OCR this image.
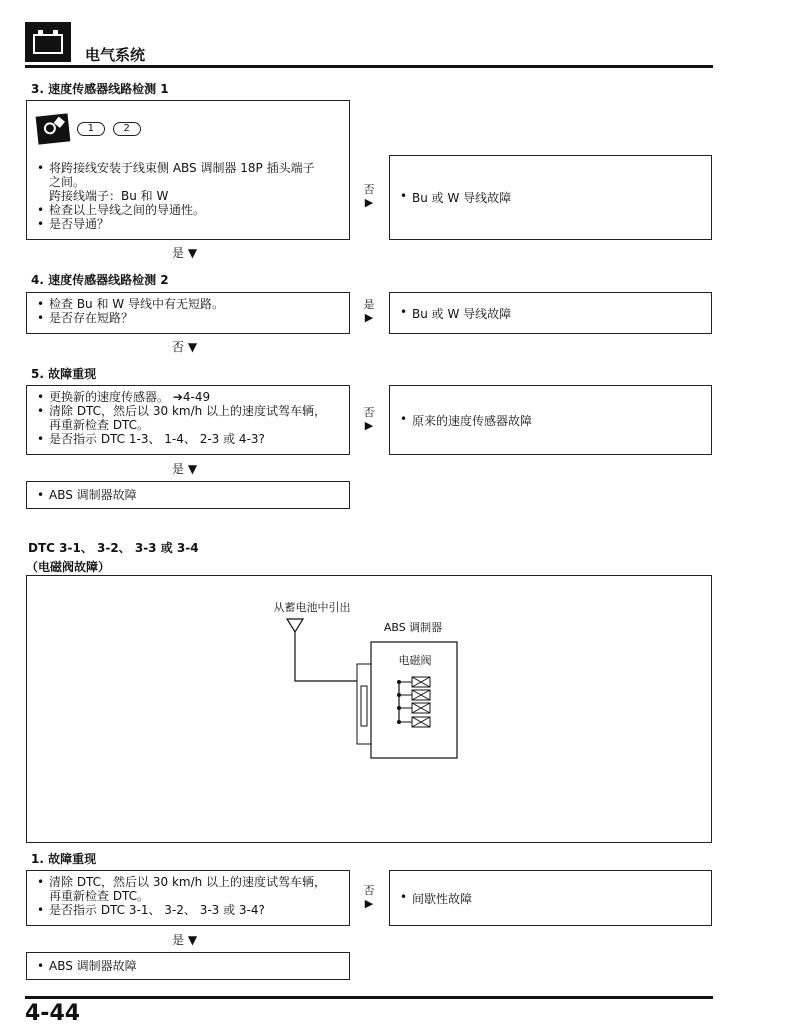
电气系统
3. 速度传感器线路检测 1
1	2
• 将跨接线安装于线束侧 ABS 调制器 18P 插头端子
之间。
跨接线端子：Bu 和 W
• 检查以上导线之间的导通性。
• 是否导通？
否
▶	• Bu 或 W 导线故障
是 ▼
4. 速度传感器线路检测 2
• 检查 Bu 和 W 导线中有无短路。
• 是否存在短路？
是
▶	• Bu 或 W 导线故障
否 ▼
5. 故障重现
• 更换新的速度传感器。 ➔4-49
• 清除 DTC，然后以 30 km/h 以上的速度试驾车辆，
再重新检查 DTC。
• 是否指示 DTC 1-3、 1-4、 2-3 或 4-3?
否
▶	• 原来的速度传感器故障
是 ▼
• ABS 调制器故障
DTC 3-1、 3-2、 3-3 或 3-4
（电磁阀故障）
从蓄电池中引出
ABS 调制器
电磁阀
1. 故障重现
• 清除 DTC，然后以 30 km/h 以上的速度试驾车辆，
再重新检查 DTC。
• 是否指示 DTC 3-1、 3-2、 3-3 或 3-4?
否
▶	• 间歇性故障
是 ▼
• ABS 调制器故障
4-44
